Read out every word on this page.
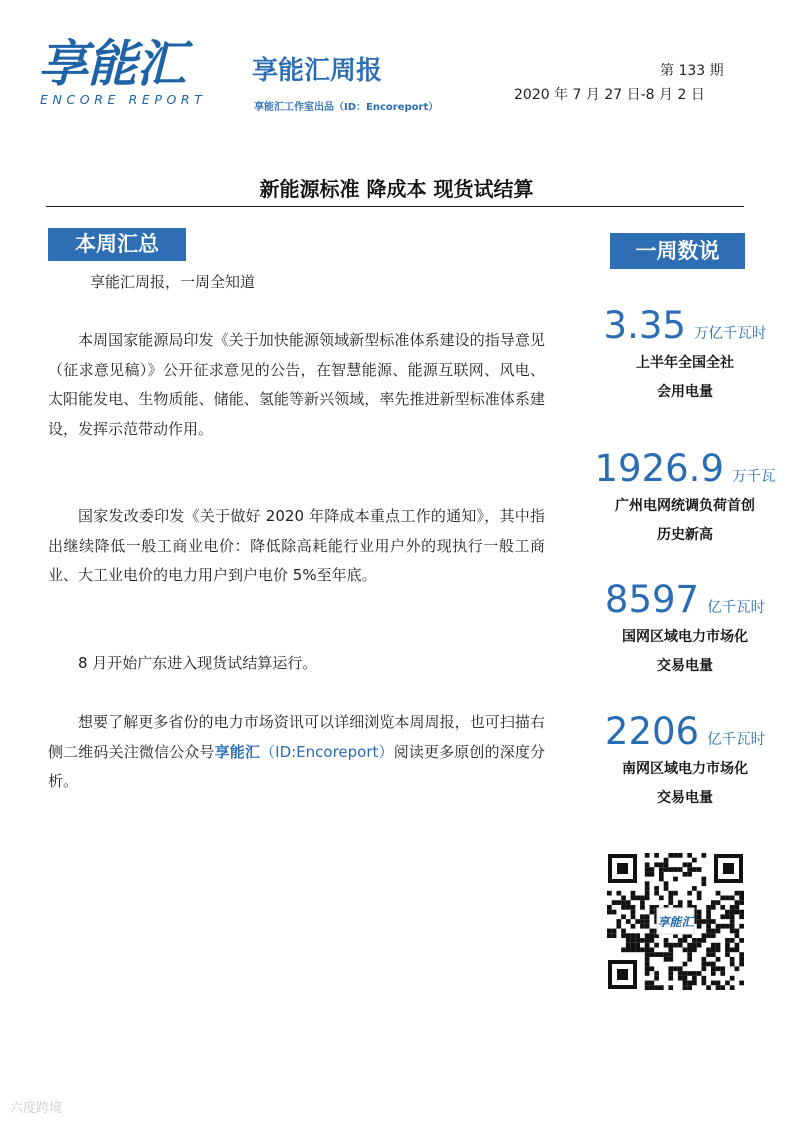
享能汇
ENCORE REPORT
享能汇周报
享能汇工作室出品（ID：Encoreport）
第 133 期
2020 年 7 月 27 日-8 月 2 日
新能源标准 降成本 现货试结算
本周汇总
享能汇周报，一周全知道
本周国家能源局印发《关于加快能源领域新型标准体系建设的指导意见（征求意见稿）》公开征求意见的公告，在智慧能源、能源互联网、风电、太阳能发电、生物质能、储能、氢能等新兴领域，率先推进新型标准体系建设，发挥示范带动作用。
国家发改委印发《关于做好 2020 年降成本重点工作的通知》，其中指出继续降低一般工商业电价：降低除高耗能行业用户外的现执行一般工商业、大工业电价的电力用户到户电价 5%至年底。
8 月开始广东进入现货试结算运行。
想要了解更多省份的电力市场资讯可以详细浏览本周周报，也可扫描右侧二维码关注微信公众号享能汇（ID:Encoreport）阅读更多原创的深度分析。
一周数说
3.35 万亿千瓦时
上半年全国全社
会用电量
1926.9 万千瓦
广州电网统调负荷首创
历史新高
8597 亿千瓦时
国网区域电力市场化
交易电量
2206 亿千瓦时
南网区域电力市场化
交易电量
享能汇
六度跨境
